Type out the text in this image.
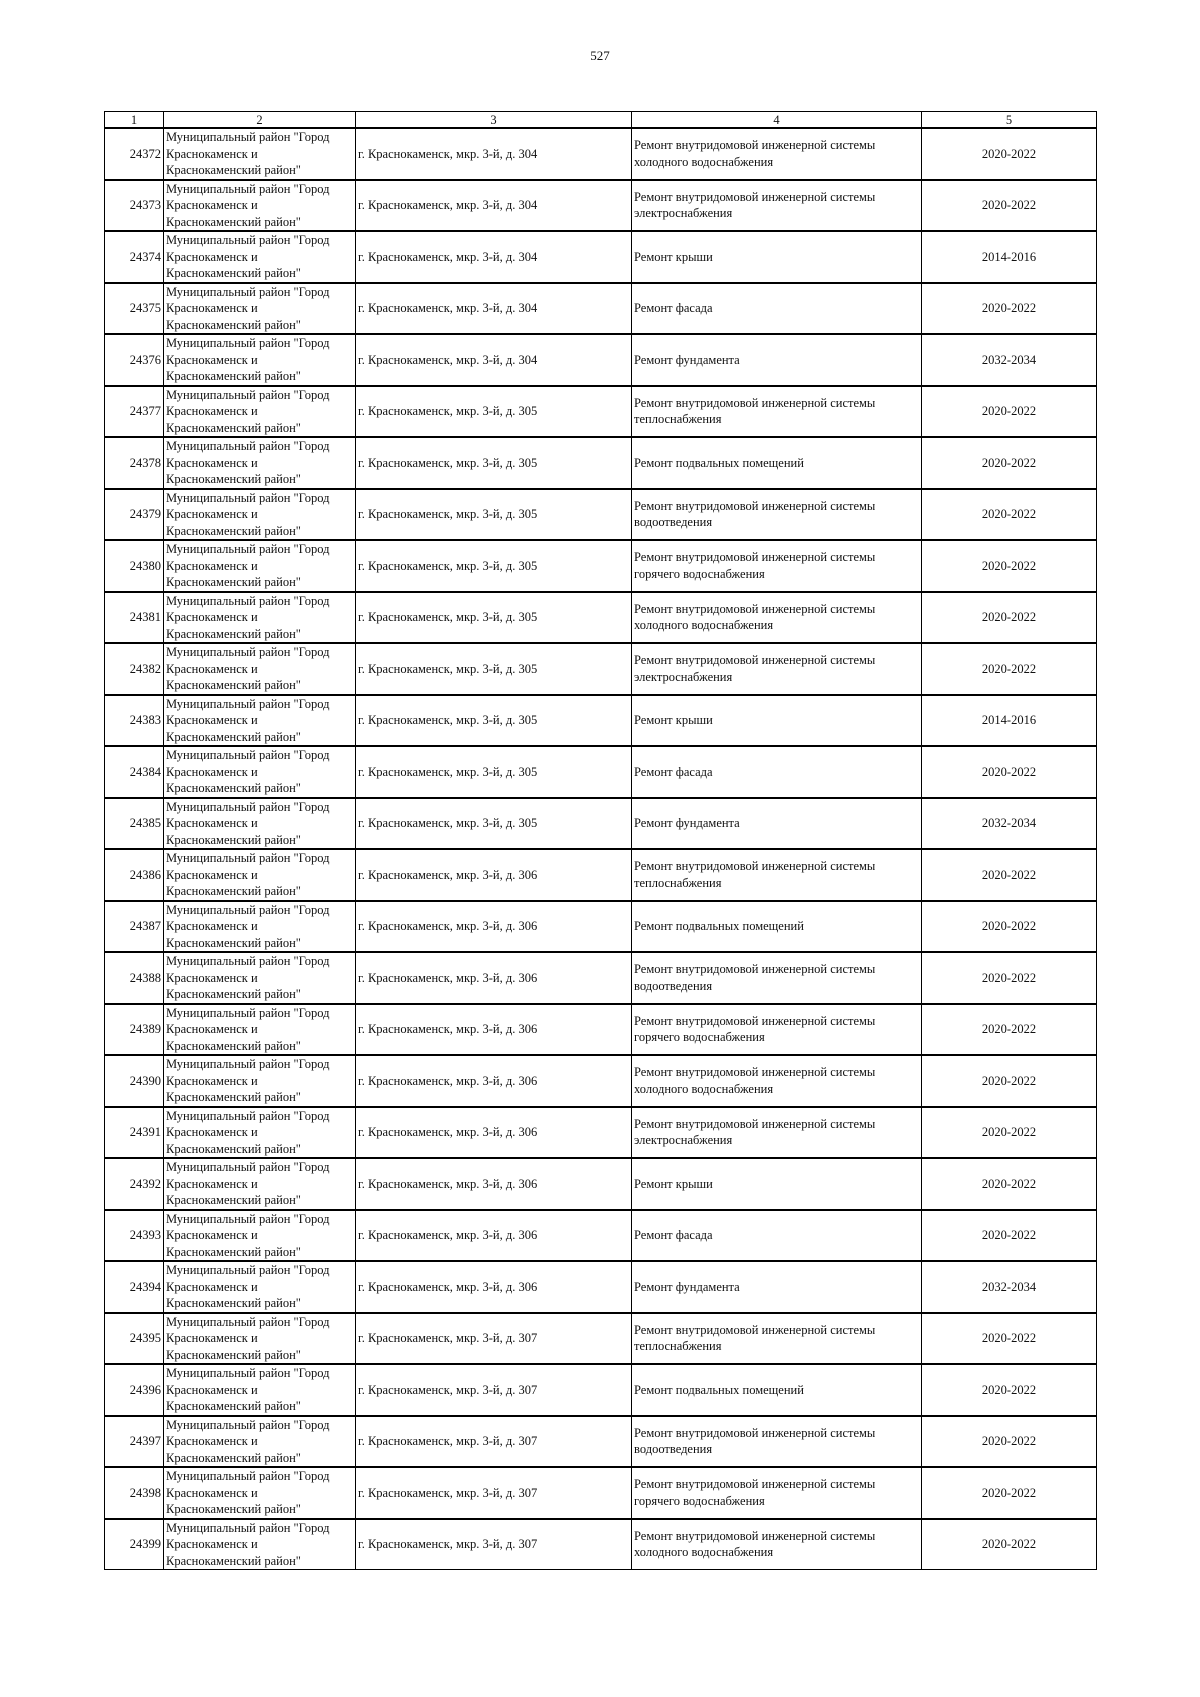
527
1	2	3	4	5
24372	Муниципальный район "Город Краснокаменск и Краснокаменский район"	г. Краснокаменск, мкр. 3-й, д. 304	Ремонт внутридомовой инженерной системы холодного водоснабжения	2020-2022
24373	Муниципальный район "Город Краснокаменск и Краснокаменский район"	г. Краснокаменск, мкр. 3-й, д. 304	Ремонт внутридомовой инженерной системы электроснабжения	2020-2022
24374	Муниципальный район "Город Краснокаменск и Краснокаменский район"	г. Краснокаменск, мкр. 3-й, д. 304	Ремонт крыши	2014-2016
24375	Муниципальный район "Город Краснокаменск и Краснокаменский район"	г. Краснокаменск, мкр. 3-й, д. 304	Ремонт фасада	2020-2022
24376	Муниципальный район "Город Краснокаменск и Краснокаменский район"	г. Краснокаменск, мкр. 3-й, д. 304	Ремонт фундамента	2032-2034
24377	Муниципальный район "Город Краснокаменск и Краснокаменский район"	г. Краснокаменск, мкр. 3-й, д. 305	Ремонт внутридомовой инженерной системы теплоснабжения	2020-2022
24378	Муниципальный район "Город Краснокаменск и Краснокаменский район"	г. Краснокаменск, мкр. 3-й, д. 305	Ремонт подвальных помещений	2020-2022
24379	Муниципальный район "Город Краснокаменск и Краснокаменский район"	г. Краснокаменск, мкр. 3-й, д. 305	Ремонт внутридомовой инженерной системы водоотведения	2020-2022
24380	Муниципальный район "Город Краснокаменск и Краснокаменский район"	г. Краснокаменск, мкр. 3-й, д. 305	Ремонт внутридомовой инженерной системы горячего водоснабжения	2020-2022
24381	Муниципальный район "Город Краснокаменск и Краснокаменский район"	г. Краснокаменск, мкр. 3-й, д. 305	Ремонт внутридомовой инженерной системы холодного водоснабжения	2020-2022
24382	Муниципальный район "Город Краснокаменск и Краснокаменский район"	г. Краснокаменск, мкр. 3-й, д. 305	Ремонт внутридомовой инженерной системы электроснабжения	2020-2022
24383	Муниципальный район "Город Краснокаменск и Краснокаменский район"	г. Краснокаменск, мкр. 3-й, д. 305	Ремонт крыши	2014-2016
24384	Муниципальный район "Город Краснокаменск и Краснокаменский район"	г. Краснокаменск, мкр. 3-й, д. 305	Ремонт фасада	2020-2022
24385	Муниципальный район "Город Краснокаменск и Краснокаменский район"	г. Краснокаменск, мкр. 3-й, д. 305	Ремонт фундамента	2032-2034
24386	Муниципальный район "Город Краснокаменск и Краснокаменский район"	г. Краснокаменск, мкр. 3-й, д. 306	Ремонт внутридомовой инженерной системы теплоснабжения	2020-2022
24387	Муниципальный район "Город Краснокаменск и Краснокаменский район"	г. Краснокаменск, мкр. 3-й, д. 306	Ремонт подвальных помещений	2020-2022
24388	Муниципальный район "Город Краснокаменск и Краснокаменский район"	г. Краснокаменск, мкр. 3-й, д. 306	Ремонт внутридомовой инженерной системы водоотведения	2020-2022
24389	Муниципальный район "Город Краснокаменск и Краснокаменский район"	г. Краснокаменск, мкр. 3-й, д. 306	Ремонт внутридомовой инженерной системы горячего водоснабжения	2020-2022
24390	Муниципальный район "Город Краснокаменск и Краснокаменский район"	г. Краснокаменск, мкр. 3-й, д. 306	Ремонт внутридомовой инженерной системы холодного водоснабжения	2020-2022
24391	Муниципальный район "Город Краснокаменск и Краснокаменский район"	г. Краснокаменск, мкр. 3-й, д. 306	Ремонт внутридомовой инженерной системы электроснабжения	2020-2022
24392	Муниципальный район "Город Краснокаменск и Краснокаменский район"	г. Краснокаменск, мкр. 3-й, д. 306	Ремонт крыши	2020-2022
24393	Муниципальный район "Город Краснокаменск и Краснокаменский район"	г. Краснокаменск, мкр. 3-й, д. 306	Ремонт фасада	2020-2022
24394	Муниципальный район "Город Краснокаменск и Краснокаменский район"	г. Краснокаменск, мкр. 3-й, д. 306	Ремонт фундамента	2032-2034
24395	Муниципальный район "Город Краснокаменск и Краснокаменский район"	г. Краснокаменск, мкр. 3-й, д. 307	Ремонт внутридомовой инженерной системы теплоснабжения	2020-2022
24396	Муниципальный район "Город Краснокаменск и Краснокаменский район"	г. Краснокаменск, мкр. 3-й, д. 307	Ремонт подвальных помещений	2020-2022
24397	Муниципальный район "Город Краснокаменск и Краснокаменский район"	г. Краснокаменск, мкр. 3-й, д. 307	Ремонт внутридомовой инженерной системы водоотведения	2020-2022
24398	Муниципальный район "Город Краснокаменск и Краснокаменский район"	г. Краснокаменск, мкр. 3-й, д. 307	Ремонт внутридомовой инженерной системы горячего водоснабжения	2020-2022
24399	Муниципальный район "Город Краснокаменск и Краснокаменский район"	г. Краснокаменск, мкр. 3-й, д. 307	Ремонт внутридомовой инженерной системы холодного водоснабжения	2020-2022
